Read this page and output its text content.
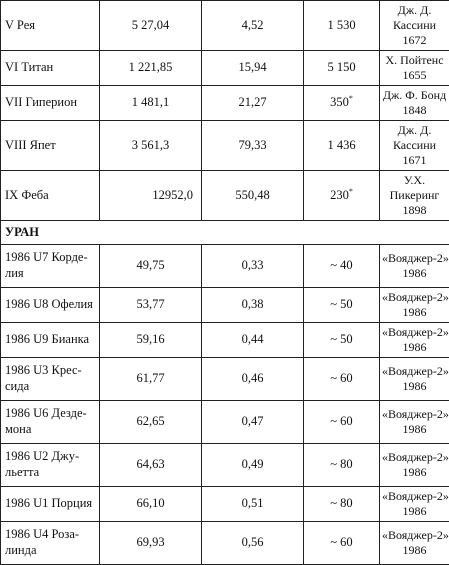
V Рея	5 27,04	4,52	1 530	Дж. Д. Кассини 1672
VI Титан	1 221,85	15,94	5 150	Х. Пойтенс 1655
VII Гиперион	1 481,1	21,27	350*	Дж. Ф. Бонд 1848
VIII Япет	3 561,3	79,33	1 436	Дж. Д. Кассини 1671
IX Феба	12952,0	550,48	230*	У.Х. Пикеринг 1898
УРАН				
1986 U7 Корде-лия	49,75	0,33	~ 40	«Вояджер-2» 1986
1986 U8 Офелия	53,77	0,38	~ 50	«Вояджер-2» 1986
1986 U9 Бианка	59,16	0,44	~ 50	«Вояджер-2» 1986
1986 U3 Крес-сида	61,77	0,46	~ 60	«Вояджер-2» 1986
1986 U6 Дездe-мона	62,65	0,47	~ 60	«Вояджер-2» 1986
1986 U2 Джу-льетта	64,63	0,49	~ 80	«Вояджер-2» 1986
1986 U1 Порция	66,10	0,51	~ 80	«Вояджер-2» 1986
1986 U4 Роза-линда	69,93	0,56	~ 60	«Вояджер-2» 1986
